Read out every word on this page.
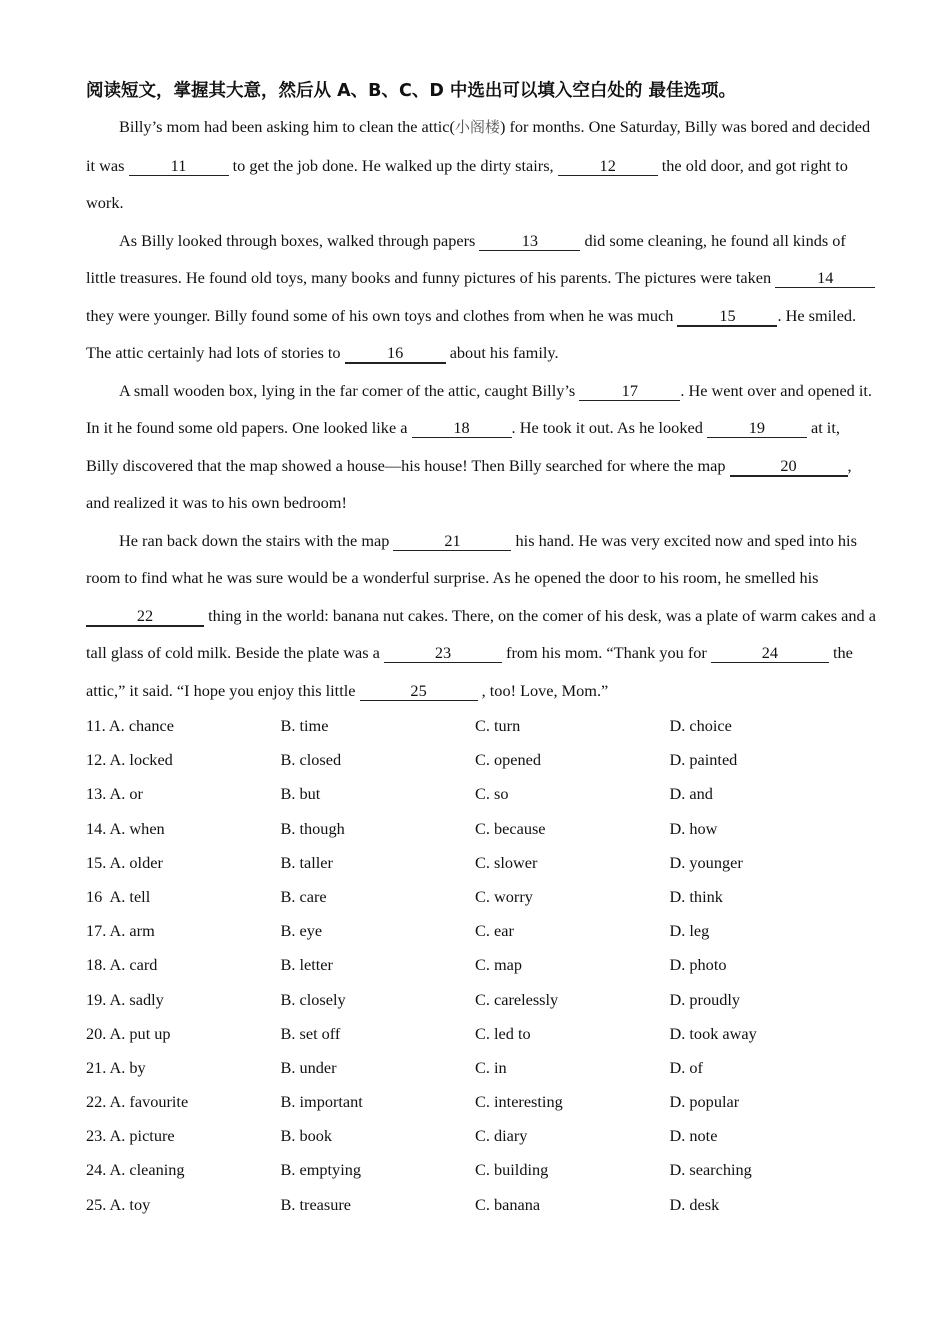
阅读短文，掌握其大意，然后从 A、B、C、D 中选出可以填入空白处的 最佳选项。

Billy’s mom had been asking him to clean the attic(小阁楼) for months. One Saturday, Billy was bored and decided it was	11	to get the job done. He walked up the dirty stairs,	12	the old door, and got right to work.

As Billy looked through boxes, walked through papers	13	did some cleaning, he found all kinds of little treasures. He found old toys, many books and funny pictures of his parents. The pictures were taken	14 they were younger. Billy found some of his own toys and clothes from when he was much	15	. He smiled. The attic certainly had lots of stories to	16	about his family.

A small wooden box, lying in the far comer of the attic, caught Billy’s	17	. He went over and opened it. In it he found some old papers. One looked like a	18	. He took it out. As he looked	19	at it, Billy discovered that the map showed a house—his house! Then Billy searched for where the map	20	, and realized it was to his own bedroom!

He ran back down the stairs with the map	21	his hand. He was very excited now and sped into his room to find what he was sure would be a wonderful surprise. As he opened the door to his room, he smelled his 22	thing in the world: banana nut cakes. There, on the comer of his desk, was a plate of warm cakes and a tall glass of cold milk. Beside the plate was a	23	from his mom. “Thank you for	24	the attic,” it said. “I hope you enjoy this little	25	, too! Love, Mom.”

11. A. chance	B. time	C. turn	D. choice
12. A. locked	B. closed	C. opened	D. painted
13. A. or	B. but	C. so	D. and
14. A. when	B. though	C. because	D. how
15. A. older	B. taller	C. slower	D. younger
16  A. tell	B. care	C. worry	D. think
17. A. arm	B. eye	C. ear	D. leg
18. A. card	B. letter	C. map	D. photo
19. A. sadly	B. closely	C. carelessly	D. proudly
20. A. put up	B. set off	C. led to	D. took away
21. A. by	B. under	C. in	D. of
22. A. favourite	B. important	C. interesting	D. popular
23. A. picture	B. book	C. diary	D. note
24. A. cleaning	B. emptying	C. building	D. searching
25. A. toy	B. treasure	C. banana	D. desk
